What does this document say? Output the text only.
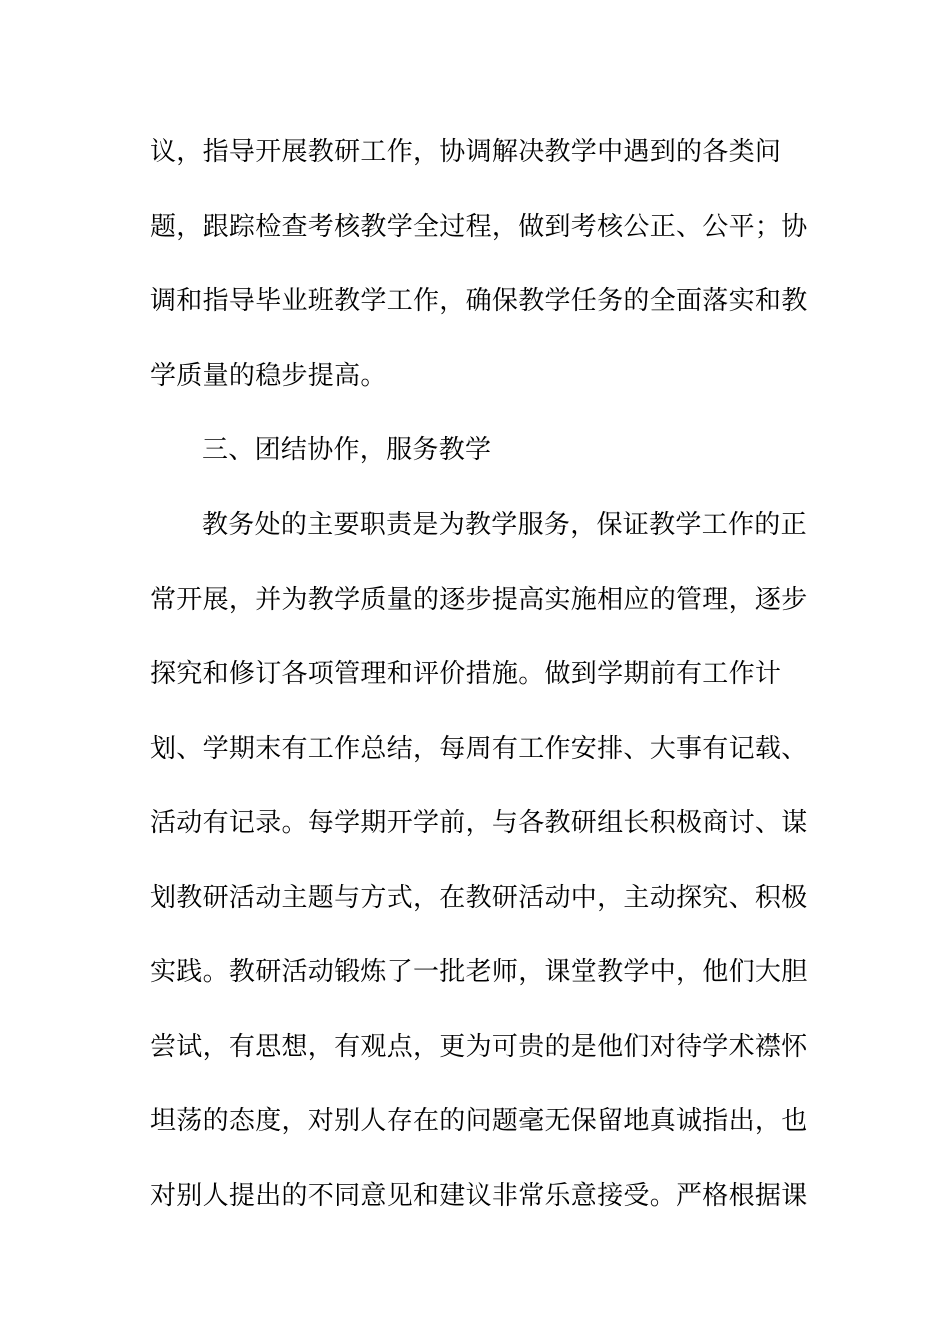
议，指导开展教研工作，协调解决教学中遇到的各类问
题，跟踪检查考核教学全过程，做到考核公正、公平；协
调和指导毕业班教学工作，确保教学任务的全面落实和教
学质量的稳步提高。
三、团结协作，服务教学
教务处的主要职责是为教学服务，保证教学工作的正
常开展，并为教学质量的逐步提高实施相应的管理，逐步
探究和修订各项管理和评价措施。做到学期前有工作计
划、学期末有工作总结，每周有工作安排、大事有记载、
活动有记录。每学期开学前，与各教研组长积极商讨、谋
划教研活动主题与方式，在教研活动中，主动探究、积极
实践。教研活动锻炼了一批老师，课堂教学中，他们大胆
尝试，有思想，有观点，更为可贵的是他们对待学术襟怀
坦荡的态度，对别人存在的问题毫无保留地真诚指出，也
对别人提出的不同意见和建议非常乐意接受。严格根据课
